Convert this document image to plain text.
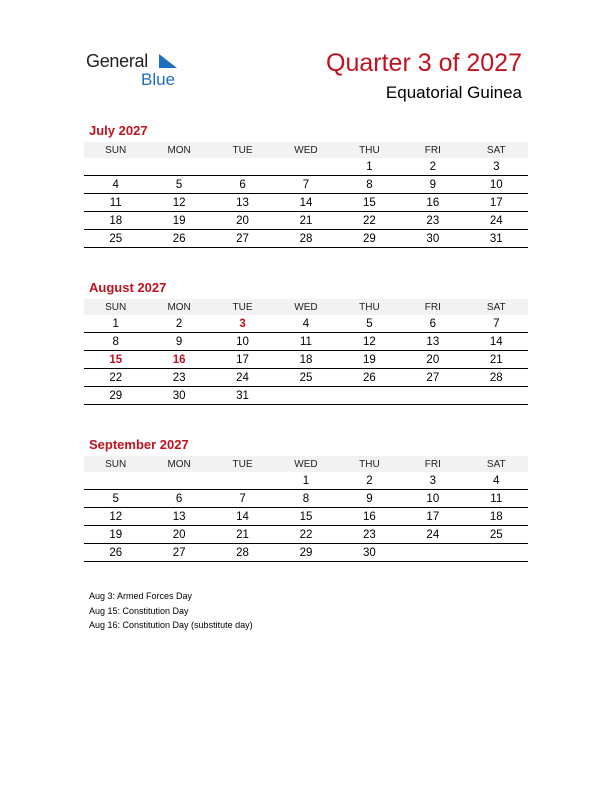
General
Blue
Quarter 3 of 2027
Equatorial Guinea
July 2027
SUN	MON	TUE	WED	THU	FRI	SAT
				1	2	3
4	5	6	7	8	9	10
11	12	13	14	15	16	17
18	19	20	21	22	23	24
25	26	27	28	29	30	31
August 2027
SUN	MON	TUE	WED	THU	FRI	SAT
1	2	3	4	5	6	7
8	9	10	11	12	13	14
15	16	17	18	19	20	21
22	23	24	25	26	27	28
29	30	31				
September 2027
SUN	MON	TUE	WED	THU	FRI	SAT
			1	2	3	4
5	6	7	8	9	10	11
12	13	14	15	16	17	18
19	20	21	22	23	24	25
26	27	28	29	30		
Aug 3: Armed Forces Day
Aug 15: Constitution Day
Aug 16: Constitution Day (substitute day)
